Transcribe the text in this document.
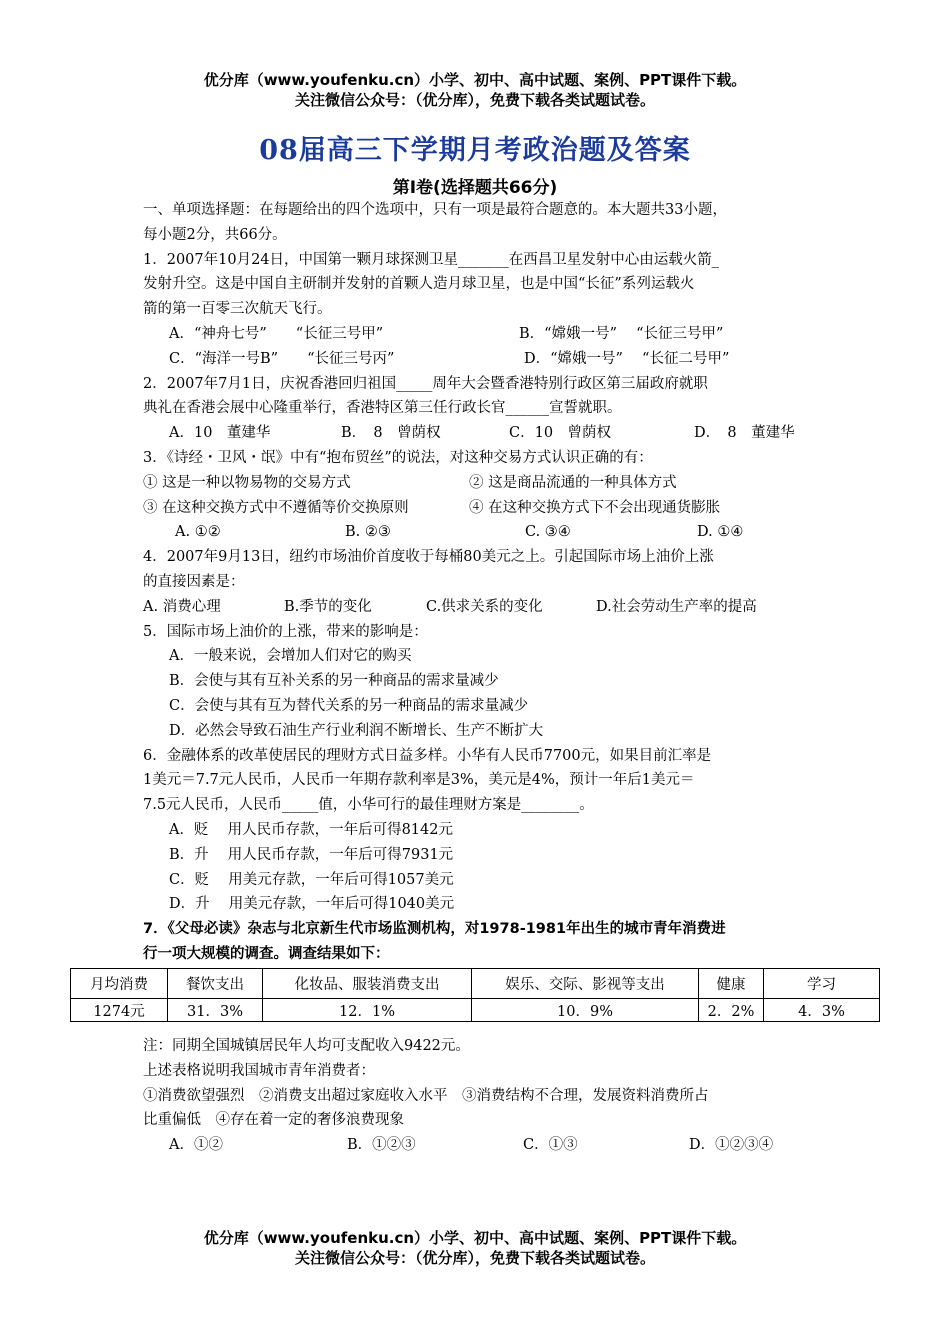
优分库（www.youfenku.cn）小学、初中、高中试题、案例、PPT课件下载。
关注微信公众号：（优分库），免费下载各类试题试卷。
08届高三下学期月考政治题及答案
第Ⅰ卷(选择题共66分)
一、单项选择题：在每题给出的四个选项中，只有一项是最符合题意的。本大题共33小题，
每小题2分，共66分。
1．2007年10月24日，中国第一颗月球探测卫星_______在西昌卫星发射中心由运载火箭_
发射升空。这是中国自主研制并发射的首颗人造月球卫星，也是中国“长征”系列运载火
箭的第一百零三次航天飞行。
A．“神舟七号”　　“长征三号甲”	B．“嫦娥一号”　 “长征三号甲”
C．“海洋一号B”　　“长征三号丙”	D．“嫦娥一号”　 “长征二号甲”
2．2007年7月1日，庆祝香港回归祖国_____周年大会暨香港特别行政区第三届政府就职
典礼在香港会展中心隆重举行，香港特区第三任行政长官______宣誓就职。
A．10　董建华	B．　8　曾荫权	C．10　曾荫权	D．　8　董建华
3．《诗经・卫风・氓》中有“抱布贸丝”的说法，对这种交易方式认识正确的有：
① 这是一种以物易物的交易方式	② 这是商品流通的一种具体方式
③ 在这种交换方式中不遵循等价交换原则	④ 在这种交换方式下不会出现通货膨胀
A. ①②	B. ②③	C. ③④	D. ①④
4．2007年9月13日，纽约市场油价首度收于每桶80美元之上。引起国际市场上油价上涨
的直接因素是：
A. 消费心理	B.季节的变化	C.供求关系的变化	D.社会劳动生产率的提高
5．国际市场上油价的上涨，带来的影响是：
A．一般来说，会增加人们对它的购买
B．会使与其有互补关系的另一种商品的需求量减少
C．会使与其有互为替代关系的另一种商品的需求量减少
D．必然会导致石油生产行业利润不断增长、生产不断扩大
6．金融体系的改革使居民的理财方式日益多样。小华有人民币7700元，如果目前汇率是
1美元＝7.7元人民币，人民币一年期存款利率是3%，美元是4%，预计一年后1美元＝
7.5元人民币，人民币_____值，小华可行的最佳理财方案是________。
A．贬　 用人民币存款，一年后可得8142元
B．升　 用人民币存款，一年后可得7931元
C．贬　 用美元存款，一年后可得1057美元
D．升　 用美元存款，一年后可得1040美元
7．《父母必读》杂志与北京新生代市场监测机构，对1978-1981年出生的城市青年消费进
行一项大规模的调查。调查结果如下：
月均消费	餐饮支出	化妆品、服装消费支出	娱乐、交际、影视等支出	健康	学习
1274元	31．3%	12．1%	10．9%	2．2%	4．3%
注：同期全国城镇居民年人均可支配收入9422元。
上述表格说明我国城市青年消费者：
①消费欲望强烈　②消费支出超过家庭收入水平　③消费结构不合理，发展资料消费所占
比重偏低　④存在着一定的奢侈浪费现象
A．①②	B．①②③	C．①③	D．①②③④
优分库（www.youfenku.cn）小学、初中、高中试题、案例、PPT课件下载。
关注微信公众号：（优分库），免费下载各类试题试卷。
